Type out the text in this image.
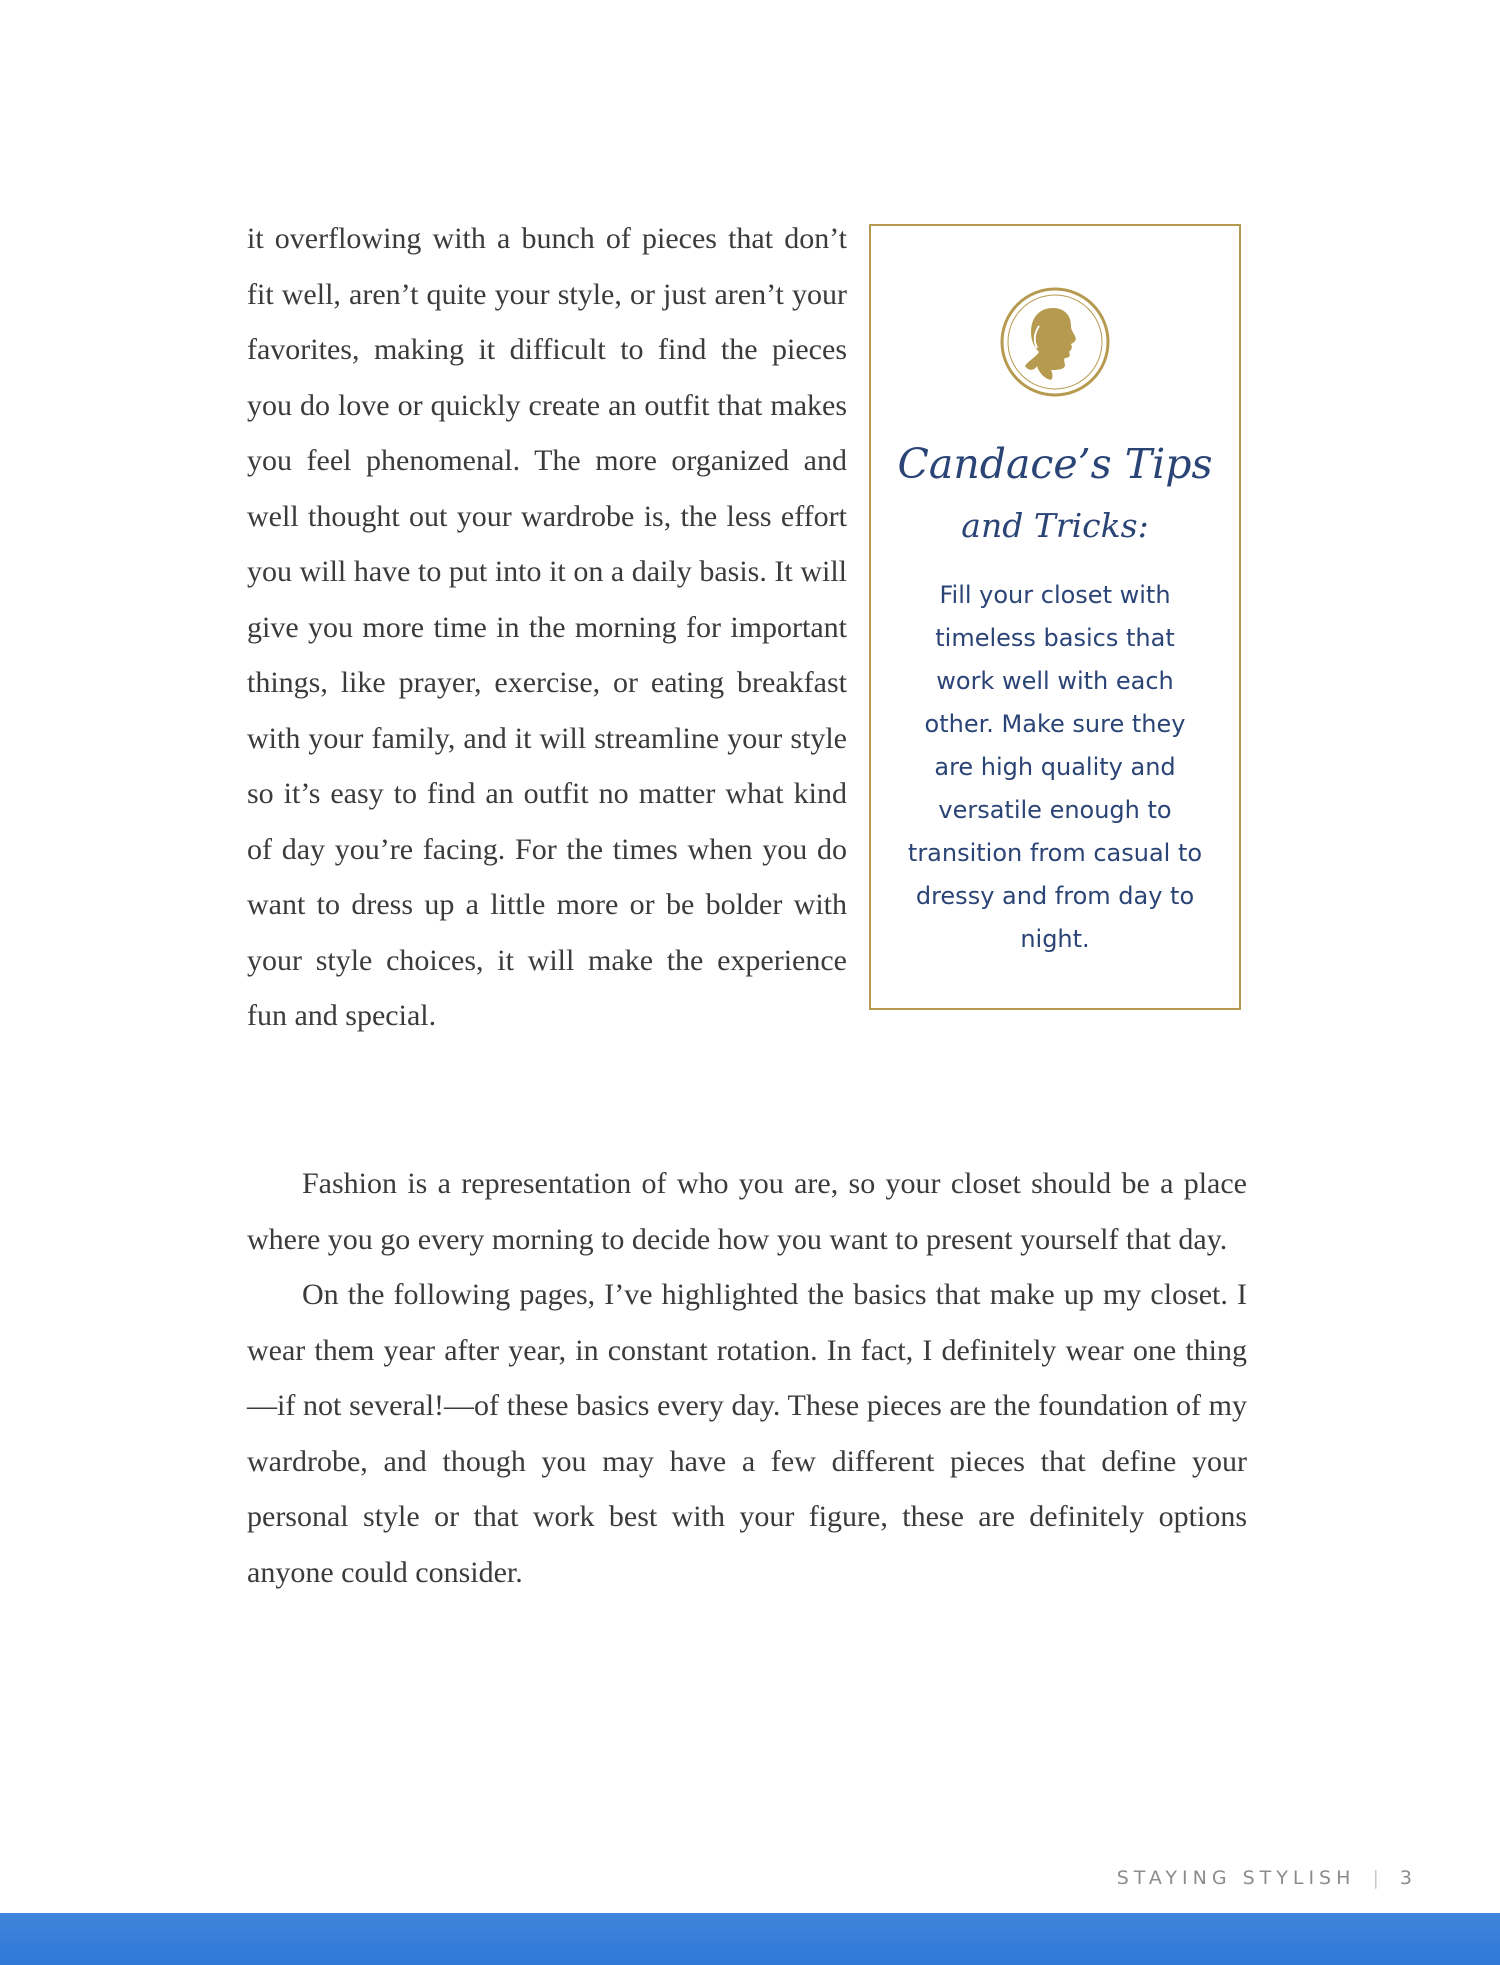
it overflowing with a bunch of pieces that don’t fit well, aren’t quite your style, or just aren’t your favorites, making it difficult to find the pieces you do love or quickly create an outfit that makes you feel phenomenal. The more organized and well thought out your wardrobe is, the less effort you will have to put into it on a daily basis. It will give you more time in the morning for important things, like prayer, exercise, or eating breakfast with your family, and it will streamline your style so it’s easy to find an outfit no matter what kind of day you’re facing. For the times when you do want to dress up a little more or be bolder with your style choices, it will make the experience fun and special.

Fashion is a representation of who you are, so your closet should be a place where you go every morning to decide how you want to present yourself that day.

On the following pages, I’ve highlighted the basics that make up my closet. I wear them year after year, in constant rotation. In fact, I definitely wear one thing—if not several!—of these basics every day. These pieces are the foundation of my wardrobe, and though you may have a few different pieces that define your personal style or that work best with your figure, these are definitely options anyone could consider.

Candace’s Tips
and Tricks:
Fill your closet with timeless basics that work well with each other. Make sure they are high quality and versatile enough to transition from casual to dressy and from day to night.
STAYING STYLISH | 3
